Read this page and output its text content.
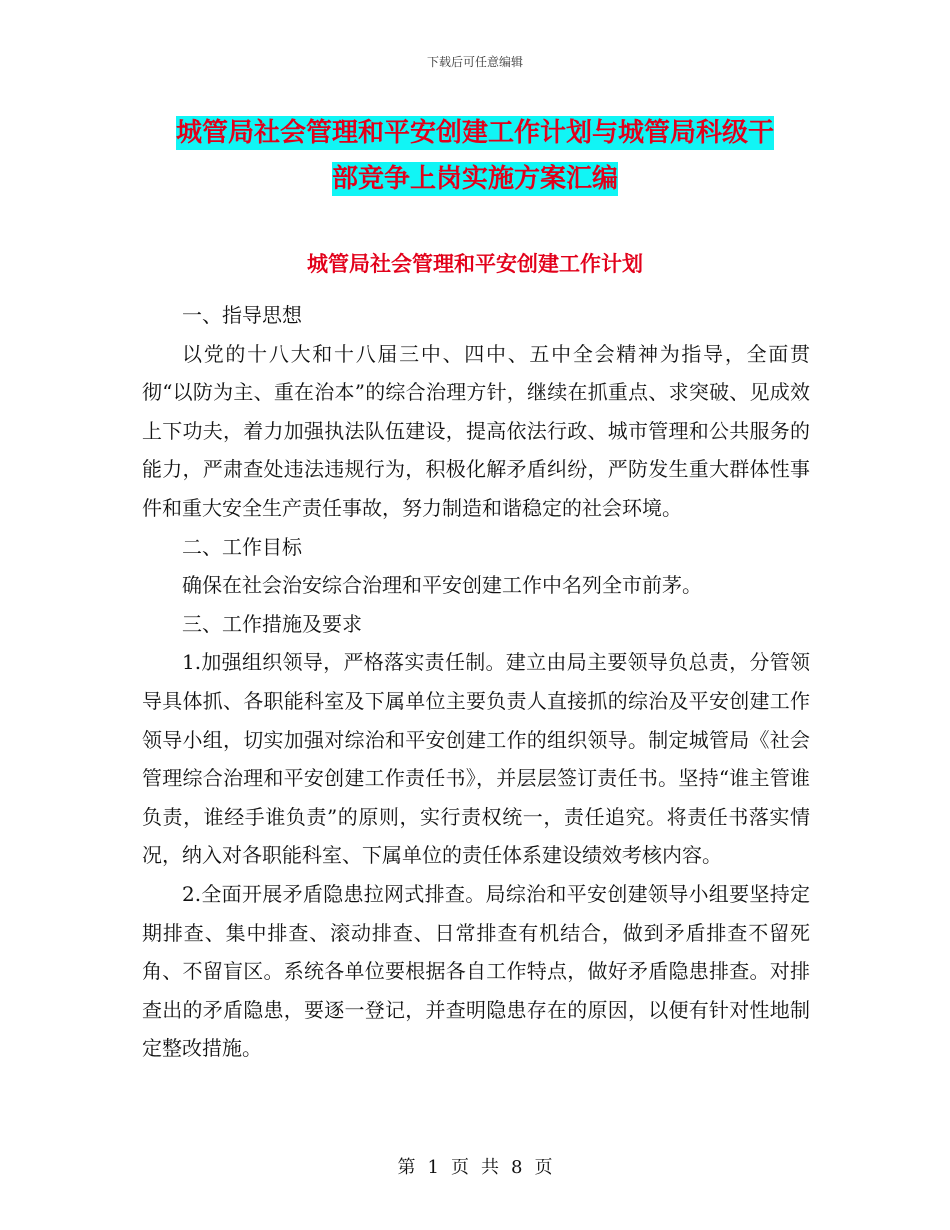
下载后可任意编辑
城管局社会管理和平安创建工作计划与城管局科级干
部竞争上岗实施方案汇编
城管局社会管理和平安创建工作计划

一、指导思想

以党的十八大和十八届三中、四中、五中全会精神为指导，全面贯彻“以防为主、重在治本”的综合治理方针，继续在抓重点、求突破、见成效上下功夫，着力加强执法队伍建设，提高依法行政、城市管理和公共服务的能力，严肃查处违法违规行为，积极化解矛盾纠纷，严防发生重大群体性事件和重大安全生产责任事故，努力制造和谐稳定的社会环境。

二、工作目标

确保在社会治安综合治理和平安创建工作中名列全市前茅。

三、工作措施及要求

1.加强组织领导，严格落实责任制。建立由局主要领导负总责，分管领导具体抓、各职能科室及下属单位主要负责人直接抓的综治及平安创建工作领导小组，切实加强对综治和平安创建工作的组织领导。制定城管局《社会管理综合治理和平安创建工作责任书》，并层层签订责任书。坚持“谁主管谁负责，谁经手谁负责”的原则，实行责权统一，责任追究。将责任书落实情况，纳入对各职能科室、下属单位的责任体系建设绩效考核内容。

2.全面开展矛盾隐患拉网式排查。局综治和平安创建领导小组要坚持定期排查、集中排查、滚动排查、日常排查有机结合，做到矛盾排查不留死角、不留盲区。系统各单位要根据各自工作特点，做好矛盾隐患排查。对排查出的矛盾隐患，要逐一登记，并查明隐患存在的原因，以便有针对性地制定整改措施。

第 1 页 共 8 页
